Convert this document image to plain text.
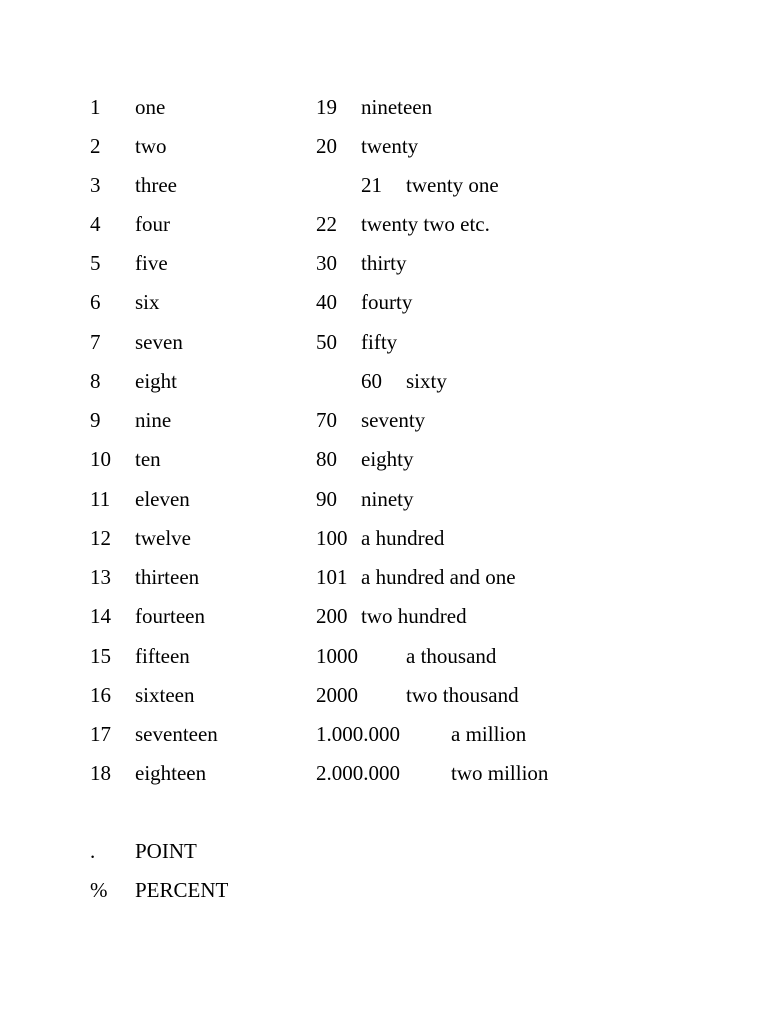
1 one
2 two
3 three
4 four
5 five
6 six
7 seven
8 eight
9 nine
10 ten
11 eleven
12 twelve
13 thirteen
14 fourteen
15 fifteen
16 sixteen
17 seventeen
18 eighteen
19 nineteen
20 twenty
21 twenty one
22 twenty two etc.
30 thirty
40 fourty
50 fifty
60 sixty
70 seventy
80 eighty
90 ninety
100 a hundred
101 a hundred and one
200 two hundred
1000 a thousand
2000 two thousand
1.000.000 a million
2.000.000 two million
. POINT
% PERCENT
